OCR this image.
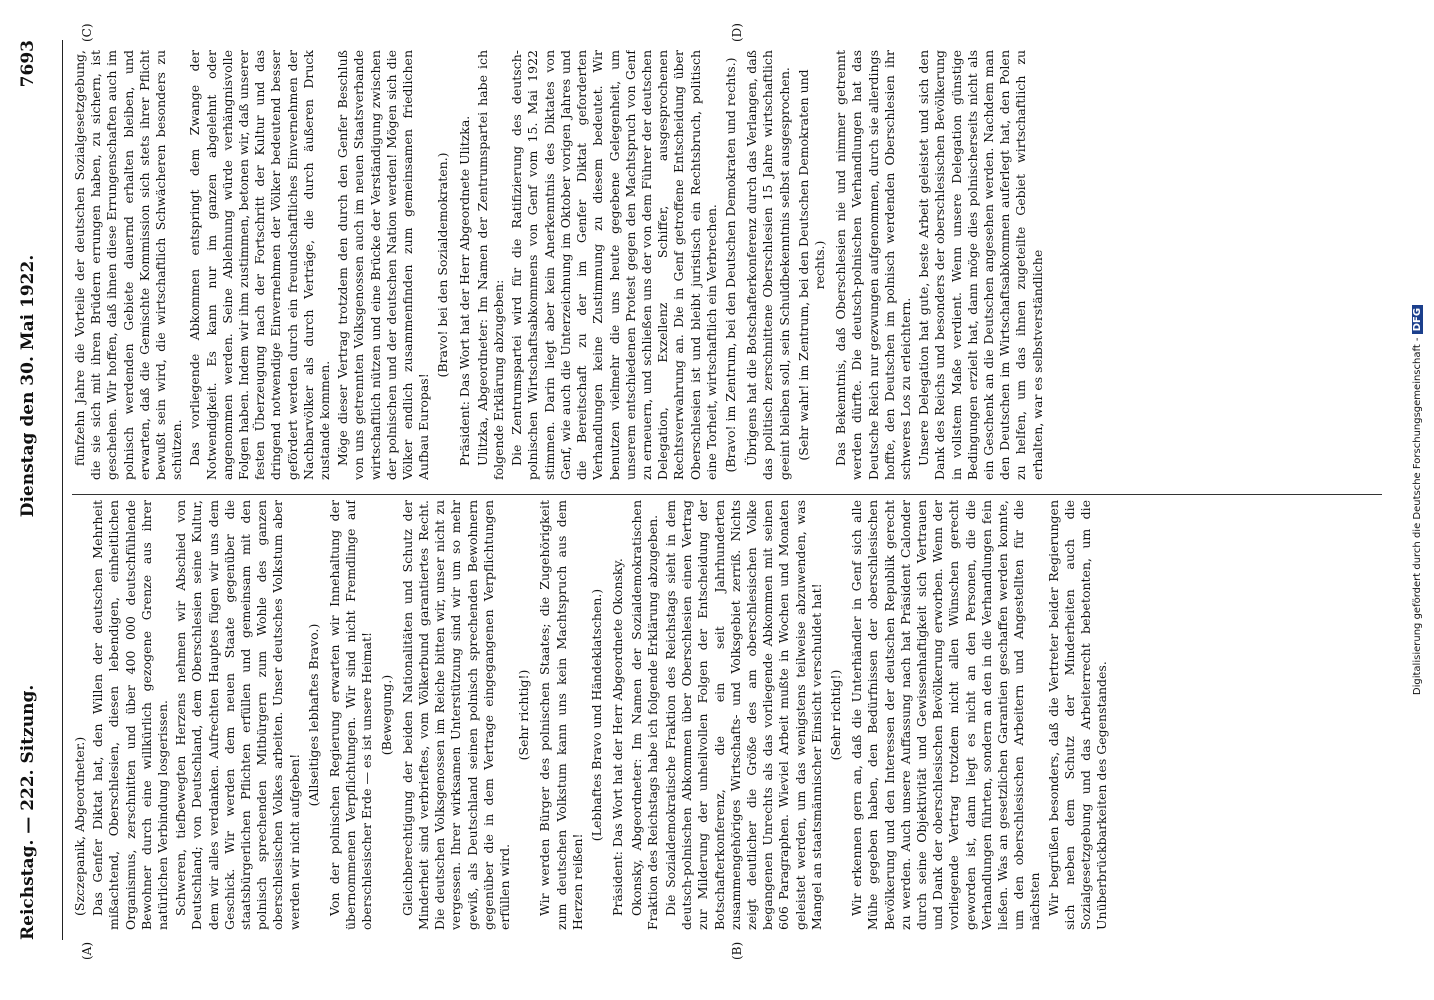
Reichstag. — 222. Sitzung.
Dienstag den 30. Mai 1922.
7693
(A)	(B)
(C)	(D)

(Szczepanik, Abgeordneter.) Das Genfer Diktat hat, den Willen der deutschen Mehrheit mißachtend, Oberschlesien, diesen lebendigen, einheitlichen Organismus, zerschnitten und über 400 000 deutschfühlende Bewohner durch eine willkürlich gezogene Grenze aus ihrer natürlichen Verbindung losgerissen. Schweren, tiefbewegten Herzens nehmen wir Abschied von Deutschland; von Deutschland, dem Oberschlesien seine Kultur, dem wir alles verdanken. Aufrechten Hauptes fügen wir uns dem Geschick. Wir werden dem neuen Staate gegenüber die staatsbürgerlichen Pflichten erfüllen und gemeinsam mit den polnisch sprechenden Mitbürgern zum Wohle des ganzen oberschlesischen Volkes arbeiten. Unser deutsches Volkstum aber werden wir nicht aufgeben!

(Allseitiges lebhaftes Bravo.) Von der polnischen Regierung erwarten wir Innehaltung der übernommenen Verpflichtungen. Wir sind nicht Fremdlinge auf oberschlesischer Erde — es ist unsere Heimat! (Bewegung.) Gleichberechtigung der beiden Nationalitäten und Schutz der Minderheit sind verbrieftes, vom Völkerbund garantiertes Recht. Die deutschen Volksgenossen im Reiche bitten wir, unser nicht zu vergessen. Ihrer wirksamen Unterstützung sind wir um so mehr gewiß, als Deutschland seinen polnisch sprechenden Bewohnern gegenüber die in dem Vertrage eingegangenen Verpflichtungen erfüllen wird.

(Sehr richtig!) Wir werden Bürger des polnischen Staates; die Zugehörigkeit zum deutschen Volkstum kann uns kein Machtspruch aus dem Herzen reißen!

(Lebhaftes Bravo und Händeklatschen.) Präsident: Das Wort hat der Herr Abgeordnete Okonsky. Okonsky, Abgeordneter: Im Namen der Sozialdemokratischen Fraktion des Reichstags habe ich folgende Erklärung abzugeben. Die Sozialdemokratische Fraktion des Reichstags sieht in dem deutsch-polnischen Abkommen über Oberschlesien einen Vertrag zur Milderung der unheilvollen Folgen der Entscheidung der Botschafterkonferenz, die ein seit Jahrhunderten zusammengehöriges Wirtschafts- und Volksgebiet zerriß. Nichts zeigt deutlicher die Größe des am oberschlesischen Volke begangenen Unrechts als das vorliegende Abkommen mit seinen 606 Paragraphen. Wieviel Arbeit mußte in Wochen und Monaten geleistet werden, um das wenigstens teilweise abzuwenden, was Mangel an staatsmännischer Einsicht verschuldet hat! (Sehr richtig!) Wir erkennen gern an, daß die Unterhändler in Genf sich alle Mühe gegeben haben, den Bedürfnissen der oberschlesischen Bevölkerung und den Interessen der deutschen Republik gerecht zu werden. Auch unsere Auffassung nach hat Präsident Calonder durch seine Objektivität und Gewissenhaftigkeit sich Vertrauen und Dank der oberschlesischen Bevölkerung erworben. Wenn der vorliegende Vertrag trotzdem nicht allen Wünschen gerecht geworden ist, dann liegt es nicht an den Personen, die die Verhandlungen führten, sondern an den in die Verhandlungen fein ließen. Was an gesetzlichen Garantien geschaffen werden konnte, um den oberschlesischen Arbeitern und Angestellten für die nächsten Wir begrüßen besonders, daß die Vertreter beider Regierungen sich neben dem Schutz der Minderheiten auch die Sozialgesetzgebung und das Arbeiterrecht bebetonten, um die Unüberbrückbarkeiten des Gegenstandes.

fünfzehn Jahre die Vorteile der deutschen Sozialgesetzgebung, die sie sich mit ihren Brüdern errungen haben, zu sichern, ist geschehen. Wir hoffen, daß ihnen diese Errungenschaften auch im polnisch werdenden Gebiete dauernd erhalten bleiben, und erwarten, daß die Gemischte Kommission sich stets ihrer Pflicht bewußt sein wird, die wirtschaftlich Schwächeren besonders zu schützen. Das vorliegende Abkommen entspringt dem Zwange der Notwendigkeit. Es kann nur im ganzen abgelehnt oder angenommen werden. Seine Ablehnung würde verhängnisvolle Folgen haben. Indem wir ihm zustimmen, betonen wir, daß unserer festen Überzeugung nach der Fortschritt der Kultur und das dringend notwendige Einvernehmen der Völker bedeutend besser gefördert werden durch ein freundschaftliches Einvernehmen der Nachbarvölker als durch Verträge, die durch äußeren Druck zustande kommen. Möge dieser Vertrag trotzdem den durch den Genfer Beschluß von uns getrennten Volksgenossen auch im neuen Staatsverbande wirtschaftlich nützen und eine Brücke der Verständigung zwischen der polnischen und der deutschen Nation werden! Mögen sich die Völker endlich zusammenfinden zum gemeinsamen friedlichen Aufbau Europas!

(Bravo! bei den Sozialdemokraten.) Präsident: Das Wort hat der Herr Abgeordnete Ulitzka. Ulitzka, Abgeordneter: Im Namen der Zentrumspartei habe ich folgende Erklärung abzugeben: Die Zentrumspartei wird für die Ratifizierung des deutsch-polnischen Wirtschaftsabkommens von Genf vom 15. Mai 1922 stimmen. Darin liegt aber kein Anerkenntnis des Diktates von Genf, wie auch die Unterzeichnung im Oktober vorigen Jahres und die Bereitschaft zu der im Genfer Diktat geforderten Verhandlungen keine Zustimmung zu diesem bedeutet. Wir benutzen vielmehr die uns heute gegebene Gelegenheit, um unserem entschiedenen Protest gegen den Machtspruch von Genf zu erneuern, und schließen uns der von dem Führer der deutschen Delegation, Exzellenz Schiffer, ausgesprochenen Rechtsverwahrung an. Die in Genf getroffene Entscheidung über Oberschlesien ist und bleibt juristisch ein Rechtsbruch, politisch eine Torheit, wirtschaftlich ein Verbrechen. (Bravo! im Zentrum, bei den Deutschen Demokraten und rechts.) Übrigens hat die Botschafterkonferenz durch das Verlangen, daß das politisch zerschnittene Oberschlesien 15 Jahre wirtschaftlich geeint bleiben soll, sein Schuldbekenntnis selbst ausgesprochen. (Sehr wahr! im Zentrum, bei den Deutschen Demokraten und rechts.) Das Bekenntnis, daß Oberschlesien nie und nimmer getrennt werden dürfte. Die deutsch-polnischen Verhandlungen hat das Deutsche Reich nur gezwungen aufgenommen, durch sie allerdings hoffte, den Deutschen im polnisch werdenden Oberschlesien ihr schweres Los zu erleichtern. Unsere Delegation hat gute, beste Arbeit geleistet und sich den Dank des Reichs und besonders der oberschlesischen Bevölkerung in vollstem Maße verdient. Wenn unsere Delegation günstige Bedingungen erzielt hat, dann möge dies polnischerseits nicht als ein Geschenk an die Deutschen angesehen werden. Nachdem man den Deutschen im Wirtschaftsabkommen auferlegt hat, den Polen zu helfen, um das ihnen zugeteilte Gebiet wirtschaftlich zu erhalten, war es selbstverständliche	Digitalisierung gefördert durch die Deutsche Forschungsgemeinschaft - DFG
